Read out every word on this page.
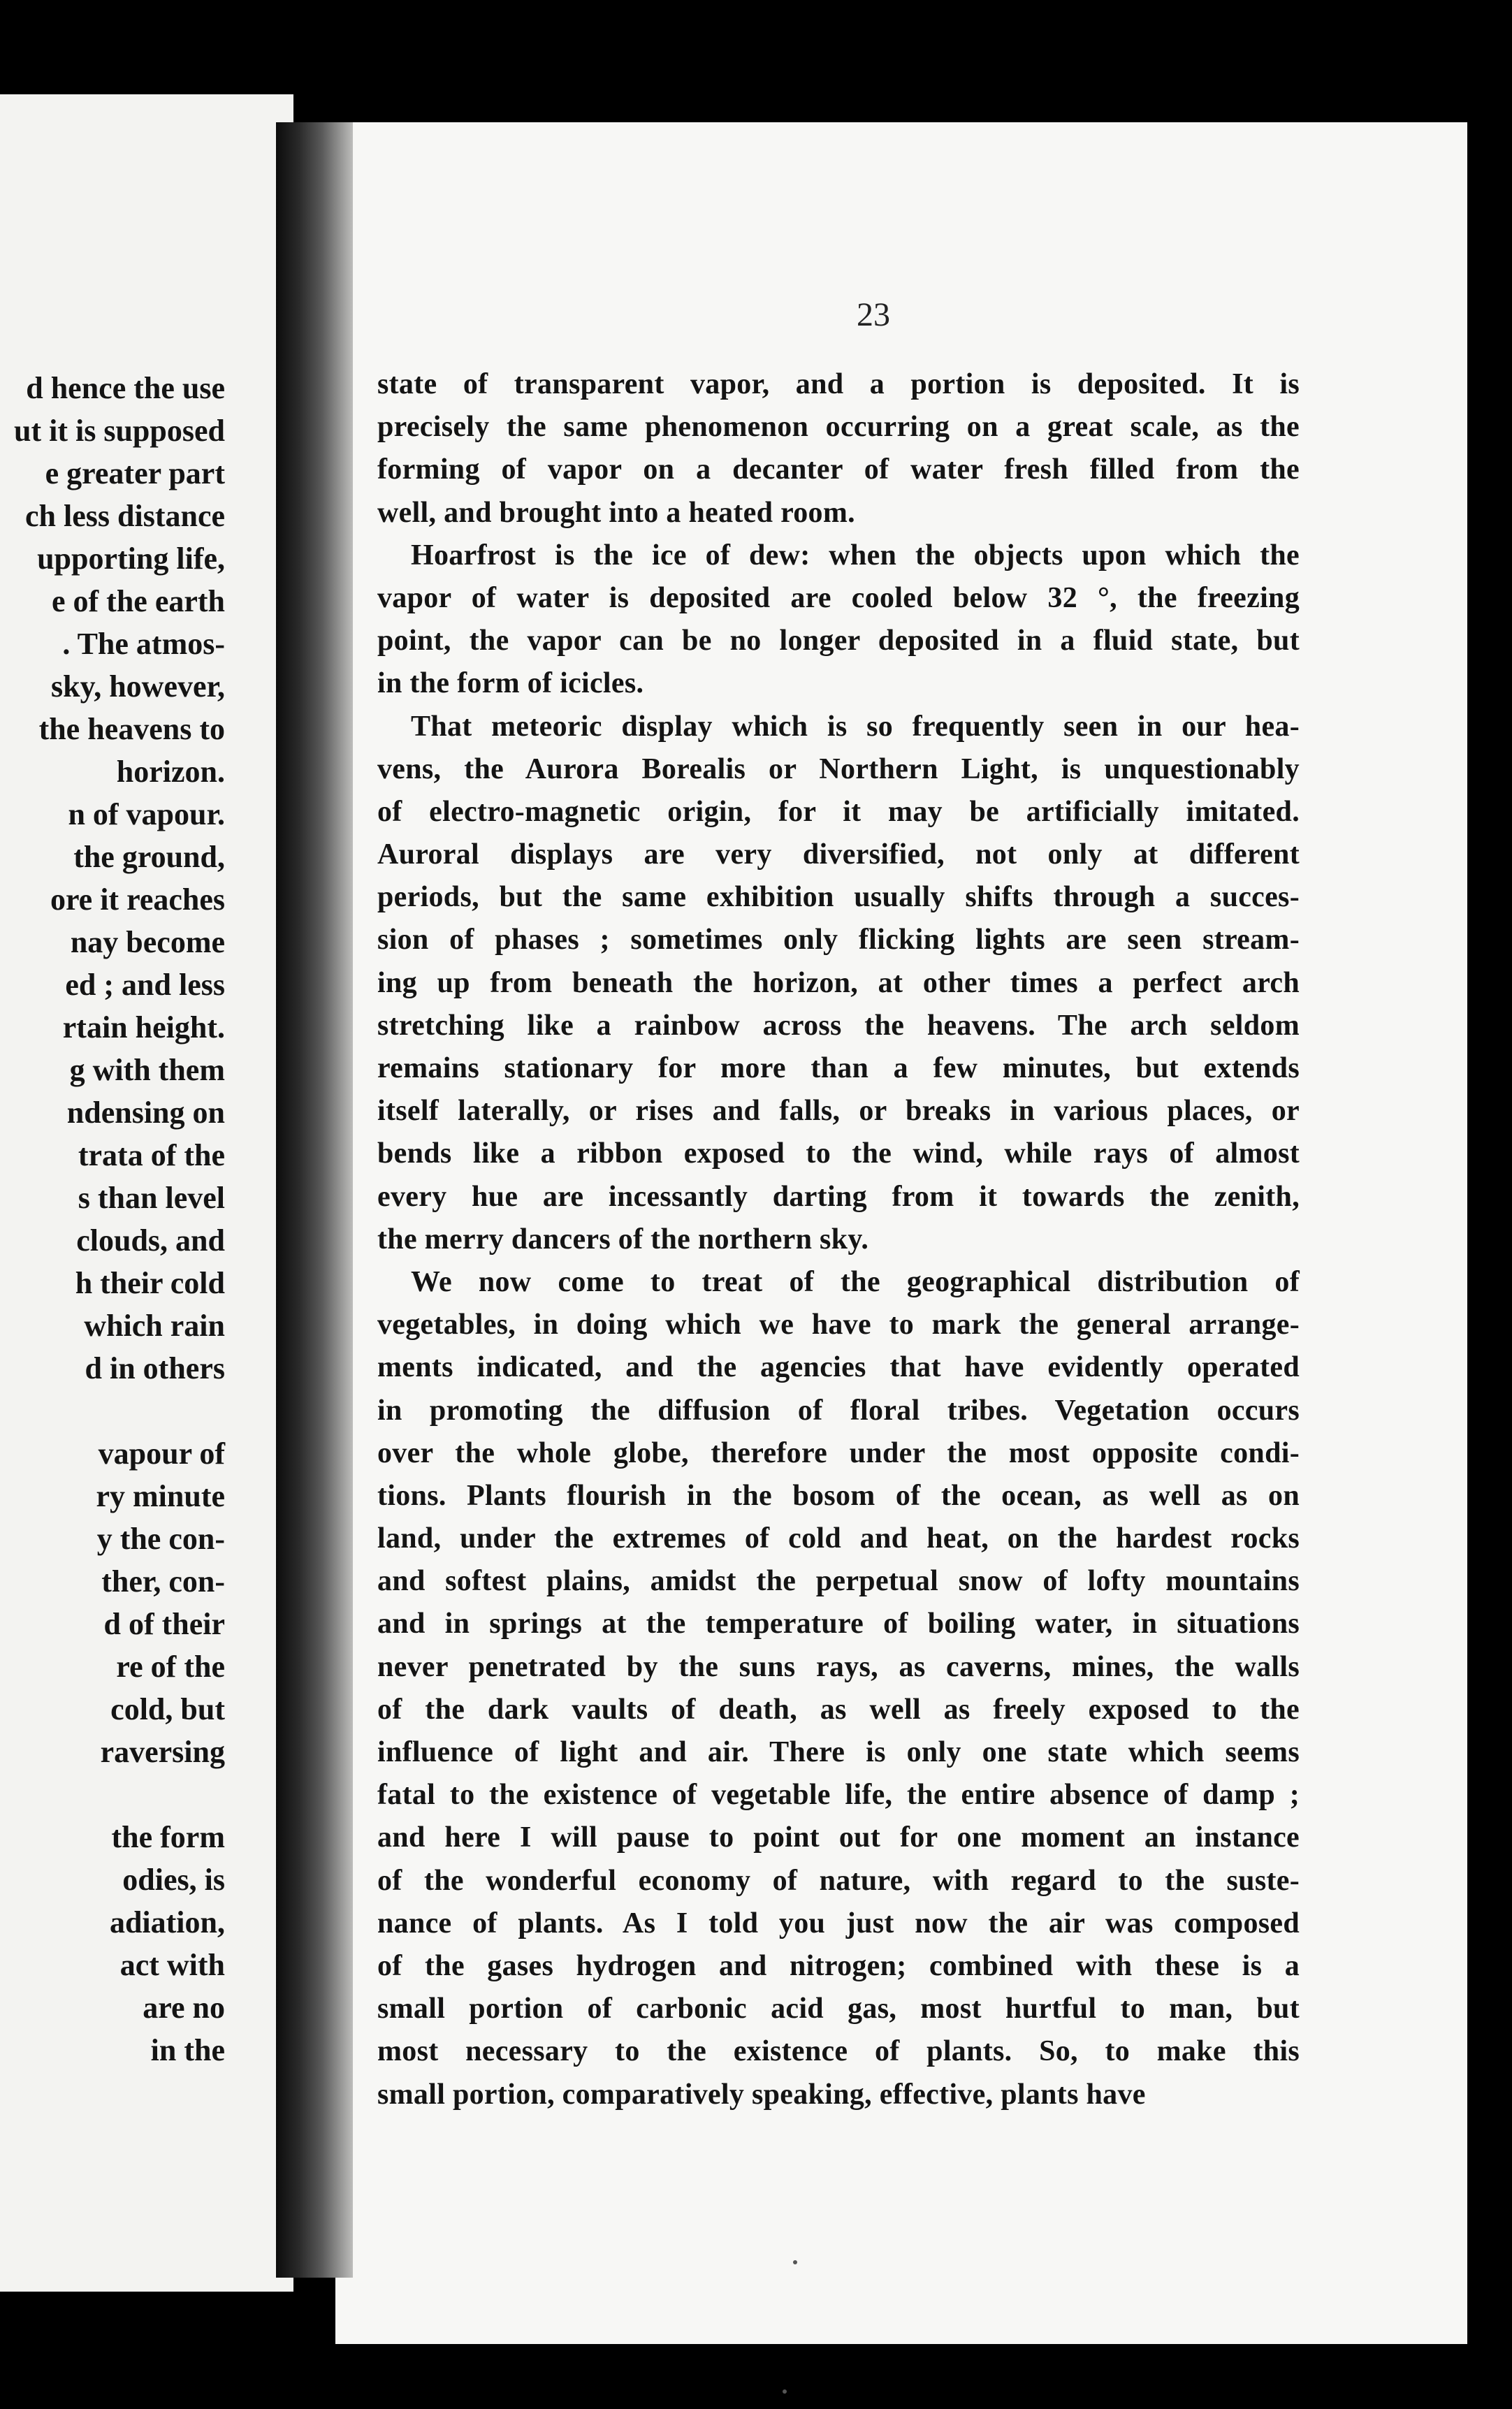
d hence the use
ut it is supposed
e greater part
ch less distance
upporting life,
e of the earth
. The atmos-
sky, however,
the heavens to
horizon.
n of vapour.
the ground,
ore it reaches
nay become
ed ; and less
rtain height.
g with them
ndensing on
trata of the
s than level
clouds, and
h their cold
which rain
d in others
vapour of
ry minute
y the con-
ther, con-
d of their
re of the
cold, but
raversing
the form
odies, is
adiation,
act with
are no
in the
23
state of transparent vapor, and a portion is deposited. It is
precisely the same phenomenon occurring on a great scale, as the
forming of vapor on a decanter of water fresh filled from the
well, and brought into a heated room.
Hoarfrost is the ice of dew: when the objects upon which the
vapor of water is deposited are cooled below 32 °, the freezing
point, the vapor can be no longer deposited in a fluid state, but
in the form of icicles.
That meteoric display which is so frequently seen in our hea-
vens, the Aurora Borealis or Northern Light, is unquestionably
of electro-magnetic origin, for it may be artificially imitated.
Auroral displays are very diversified, not only at different
periods, but the same exhibition usually shifts through a succes-
sion of phases ; sometimes only flicking lights are seen stream-
ing up from beneath the horizon, at other times a perfect arch
stretching like a rainbow across the heavens. The arch seldom
remains stationary for more than a few minutes, but extends
itself laterally, or rises and falls, or breaks in various places, or
bends like a ribbon exposed to the wind, while rays of almost
every hue are incessantly darting from it towards the zenith,
the merry dancers of the northern sky.
We now come to treat of the geographical distribution of
vegetables, in doing which we have to mark the general arrange-
ments indicated, and the agencies that have evidently operated
in promoting the diffusion of floral tribes. Vegetation occurs
over the whole globe, therefore under the most opposite condi-
tions. Plants flourish in the bosom of the ocean, as well as on
land, under the extremes of cold and heat, on the hardest rocks
and softest plains, amidst the perpetual snow of lofty mountains
and in springs at the temperature of boiling water, in situations
never penetrated by the suns rays, as caverns, mines, the walls
of the dark vaults of death, as well as freely exposed to the
influence of light and air. There is only one state which seems
fatal to the existence of vegetable life, the entire absence of damp ;
and here I will pause to point out for one moment an instance
of the wonderful economy of nature, with regard to the suste-
nance of plants. As I told you just now the air was composed
of the gases hydrogen and nitrogen; combined with these is a
small portion of carbonic acid gas, most hurtful to man, but
most necessary to the existence of plants. So, to make this
small portion, comparatively speaking, effective, plants have
